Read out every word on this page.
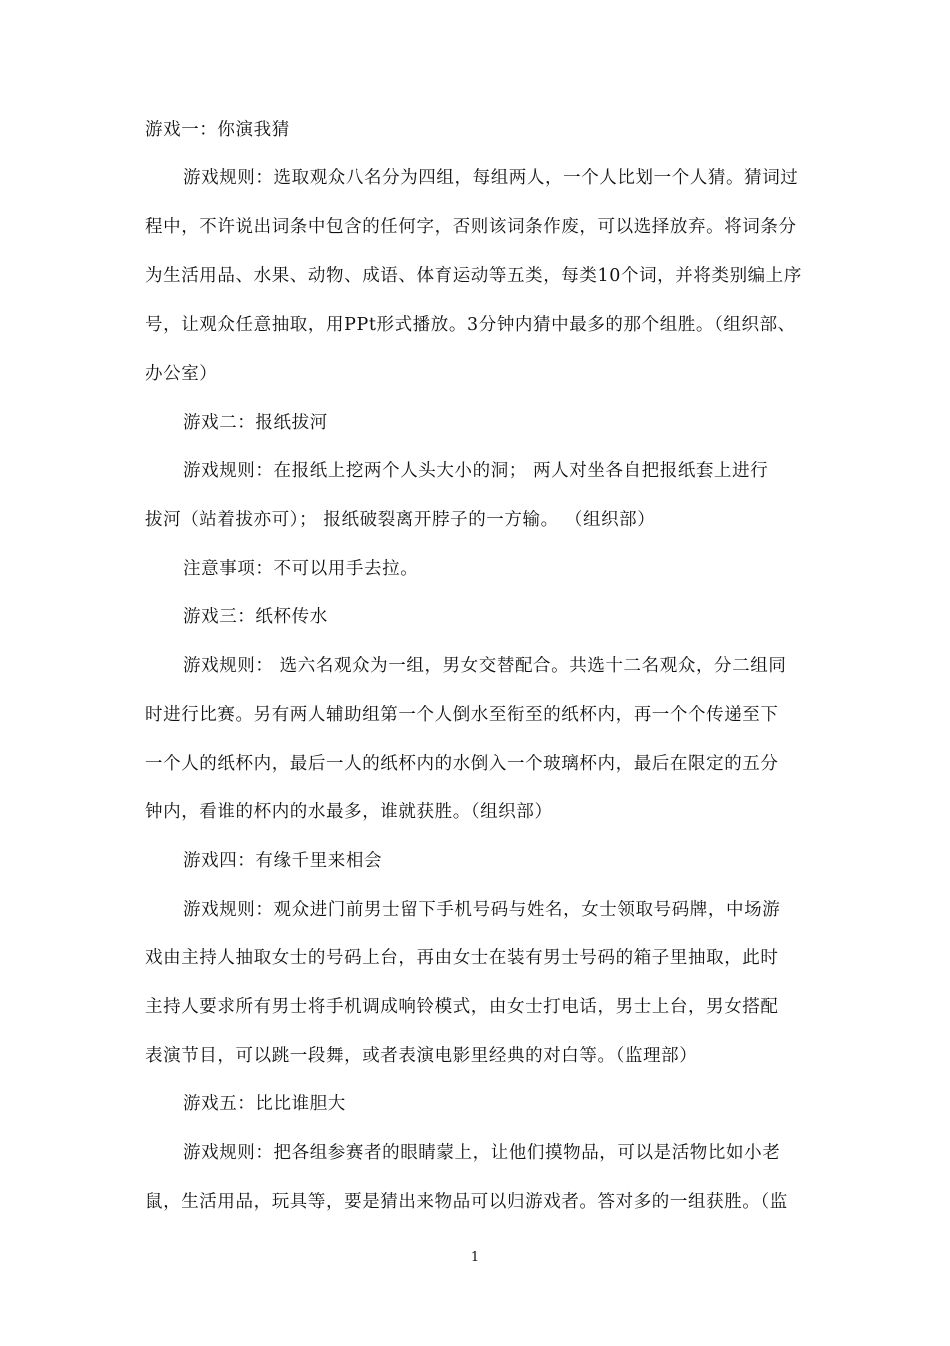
游戏一：你演我猜
游戏规则：选取观众八名分为四组，每组两人，一个人比划一个人猜。猜词过
程中，不许说出词条中包含的任何字，否则该词条作废，可以选择放弃。将词条分
为生活用品、水果、动物、成语、体育运动等五类，每类10个词，并将类别编上序
号，让观众任意抽取，用PPt形式播放。3分钟内猜中最多的那个组胜。（组织部、
办公室）
游戏二：报纸拔河
游戏规则：在报纸上挖两个人头大小的洞； 两人对坐各自把报纸套上进行
拔河（站着拔亦可）； 报纸破裂离开脖子的一方输。 （组织部）
注意事项：不可以用手去拉。
游戏三：纸杯传水
游戏规则： 选六名观众为一组，男女交替配合。共选十二名观众，分二组同
时进行比赛。另有两人辅助组第一个人倒水至衔至的纸杯内，再一个个传递至下
一个人的纸杯内，最后一人的纸杯内的水倒入一个玻璃杯内，最后在限定的五分
钟内，看谁的杯内的水最多，谁就获胜。（组织部）
游戏四：有缘千里来相会
游戏规则：观众进门前男士留下手机号码与姓名，女士领取号码牌，中场游
戏由主持人抽取女士的号码上台，再由女士在装有男士号码的箱子里抽取，此时
主持人要求所有男士将手机调成响铃模式，由女士打电话，男士上台，男女搭配
表演节目，可以跳一段舞，或者表演电影里经典的对白等。（监理部）
游戏五：比比谁胆大
游戏规则：把各组参赛者的眼睛蒙上，让他们摸物品，可以是活物比如小老
鼠，生活用品，玩具等，要是猜出来物品可以归游戏者。答对多的一组获胜。（监
1
